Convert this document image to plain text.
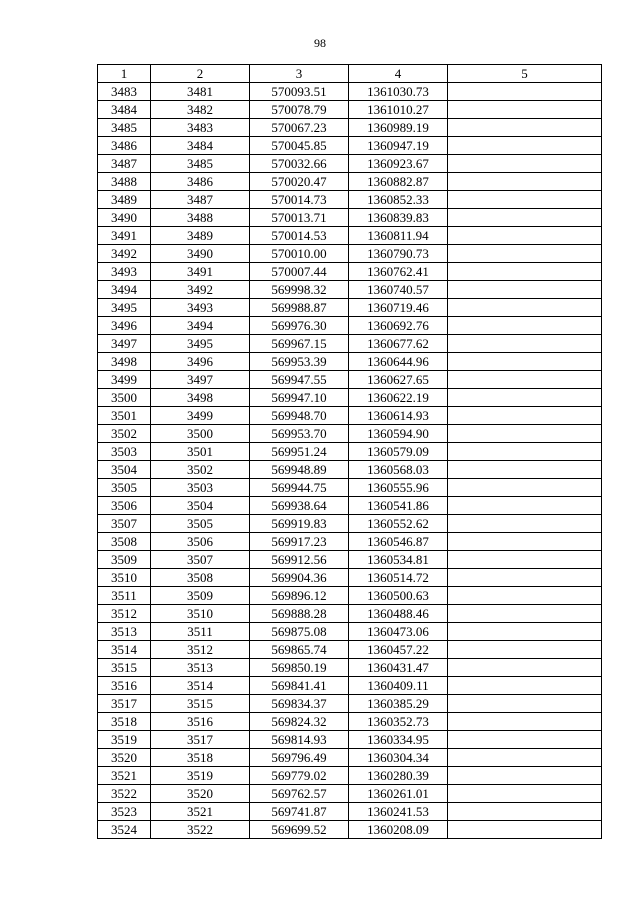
98
1	2	3	4	5
3483	3481	570093.51	1361030.73	
3484	3482	570078.79	1361010.27	
3485	3483	570067.23	1360989.19	
3486	3484	570045.85	1360947.19	
3487	3485	570032.66	1360923.67	
3488	3486	570020.47	1360882.87	
3489	3487	570014.73	1360852.33	
3490	3488	570013.71	1360839.83	
3491	3489	570014.53	1360811.94	
3492	3490	570010.00	1360790.73	
3493	3491	570007.44	1360762.41	
3494	3492	569998.32	1360740.57	
3495	3493	569988.87	1360719.46	
3496	3494	569976.30	1360692.76	
3497	3495	569967.15	1360677.62	
3498	3496	569953.39	1360644.96	
3499	3497	569947.55	1360627.65	
3500	3498	569947.10	1360622.19	
3501	3499	569948.70	1360614.93	
3502	3500	569953.70	1360594.90	
3503	3501	569951.24	1360579.09	
3504	3502	569948.89	1360568.03	
3505	3503	569944.75	1360555.96	
3506	3504	569938.64	1360541.86	
3507	3505	569919.83	1360552.62	
3508	3506	569917.23	1360546.87	
3509	3507	569912.56	1360534.81	
3510	3508	569904.36	1360514.72	
3511	3509	569896.12	1360500.63	
3512	3510	569888.28	1360488.46	
3513	3511	569875.08	1360473.06	
3514	3512	569865.74	1360457.22	
3515	3513	569850.19	1360431.47	
3516	3514	569841.41	1360409.11	
3517	3515	569834.37	1360385.29	
3518	3516	569824.32	1360352.73	
3519	3517	569814.93	1360334.95	
3520	3518	569796.49	1360304.34	
3521	3519	569779.02	1360280.39	
3522	3520	569762.57	1360261.01	
3523	3521	569741.87	1360241.53	
3524	3522	569699.52	1360208.09	
